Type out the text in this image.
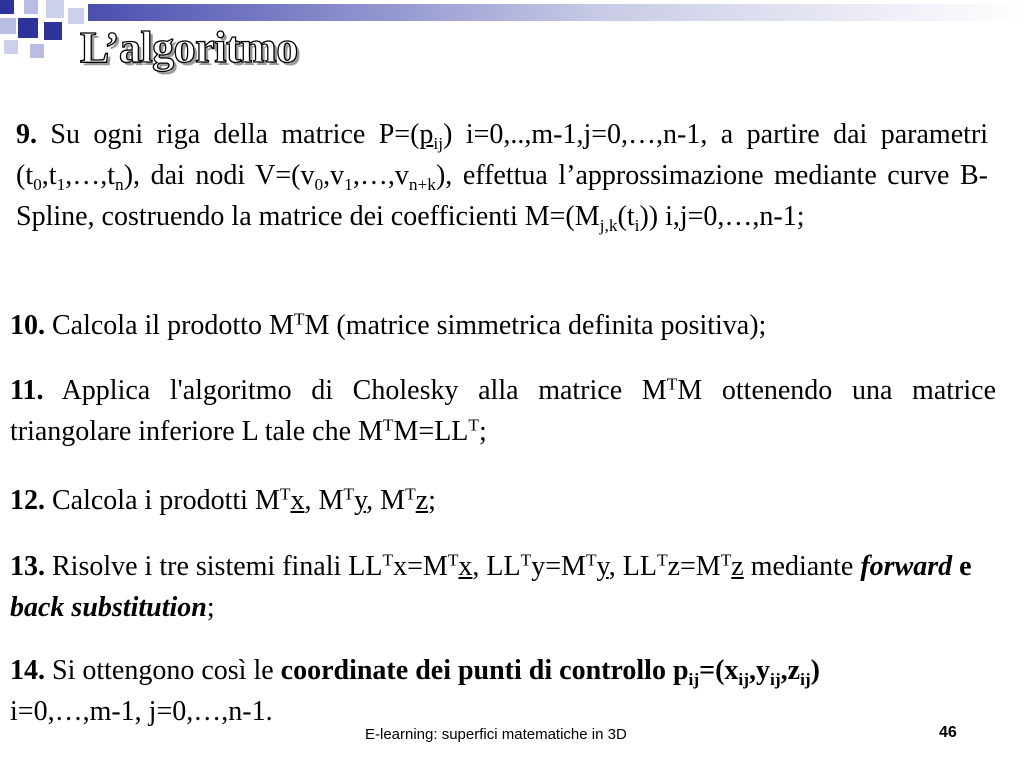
L’algoritmo

9. Su ogni riga della matrice $P=(p_{ij})$ i=0,..,m-1,j=0,…,n-1, a partire dai parametri $(t_0,t_1,\dots,t_n)$, dai nodi $V=(v_0,v_1,\dots,v_{n+k})$, effettua l’approssimazione mediante curve B-Spline, costruendo la matrice dei coefficienti $M=(M_{j,k}(t_i))$ i,j=0,…,n-1;

10. Calcola il prodotto $M^TM$ (matrice simmetrica definita positiva);

11. Applica l'algoritmo di Cholesky alla matrice $M^TM$ ottenendo una matrice triangolare inferiore L tale che $M^TM=LL^T$;

12. Calcola i prodotti $M^Tx$, $M^Ty$, $M^Tz$;

13. Risolve i tre sistemi finali $LL^Tx=M^Tx$, $LL^Ty=M^Ty$, $LL^Tz=M^Tz$ mediante forward e back substitution;

14. Si ottengono così le coordinate dei punti di controllo $p_{ij}=(x_{ij},y_{ij},z_{ij})$
i=0,…,m-1, j=0,…,n-1.

E-learning: superfici matematiche in 3D	46
